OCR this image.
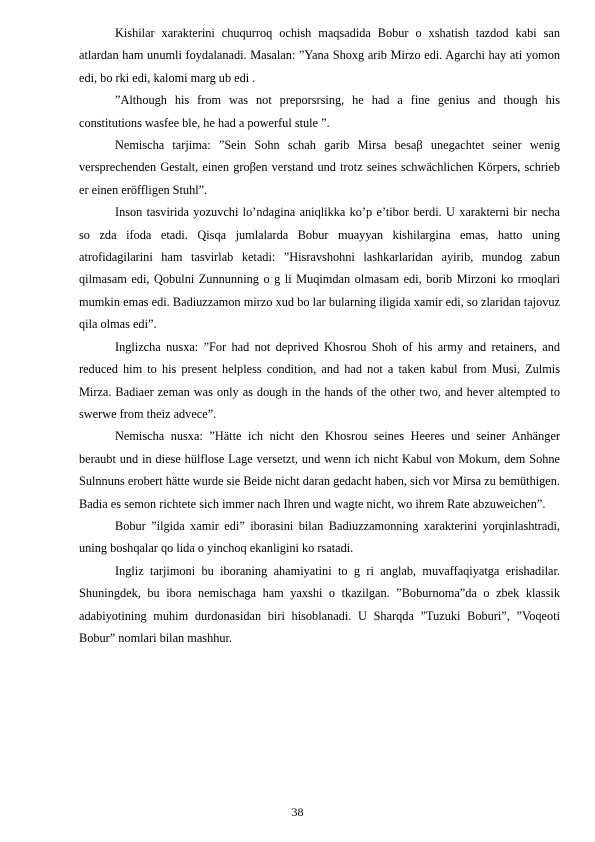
Kishilar xarakterini chuqurroq ochish maqsadida Bobur o xshatish tazdod kabi san atlardan ham unumli foydalanadi. Masalan: ”Yana Shoxg arib Mirzo edi. Agarchi hay ati yomon edi, bo rki edi, kalomi marg ub edi .

”Although his from was not preporsrsing, he had a fine genius and though his constitutions wasfee ble, he had a powerful stule ”.

Nemischa tarjima: ”Sein Sohn schah garib Mirsa besaβ unegachtet seiner wenig versprechenden Gestalt, einen groβen verstand und trotz seines schwächlichen Körpers, schrieb er einen eröffligen Stuhl”.

Inson tasvirida yozuvchi lo’ndagina aniqlikka ko’p e’tibor berdi. U xarakterni bir necha so zda ifoda etadi. Qisqa jumlalarda Bobur muayyan kishilargina emas, hatto uning atrofidagilarini ham tasvirlab ketadi: ”Hisravshohni lashkarlaridan ayirib, mundog zabun qilmasam edi, Qobulni Zunnunning o g li Muqimdan olmasam edi, borib Mirzoni ko rmoqlari mumkin emas edi. Badiuzzamon mirzo xud bo lar bularning iligida xamir edi, so zlaridan tajovuz qila olmas edi”.

Inglizcha nusxa: ”For had not deprived Khosrou Shoh of his army and retainers, and reduced him to his present helpless condition, and had not a taken kabul from Musi, Zulmis Mirza. Badiaer zeman was only as dough in the hands of the other two, and hever altempted to swerwe from theiz advece”.

Nemischa nusxa: ”Hätte ich nicht den Khosrou seines Heeres und seiner Anhänger beraubt und in diese hülflose Lage versetzt, und wenn ich nicht Kabul von Mokum, dem Sohne Sulnnuns erobert hätte wurde sie Beide nicht daran gedacht haben, sich vor Mirsa zu bemüthigen. Badia es semon richtete sich immer nach Ihren und wagte nicht, wo ihrem Rate abzuweichen”.

Bobur ”ilgida xamir edi” iborasini bilan Badiuzzamonning xarakterini yorqinlashtradi, uning boshqalar qo lida o yinchoq ekanligini ko rsatadi.

Ingliz tarjimoni bu iboraning ahamiyatini to g ri anglab, muvaffaqiyatga erishadilar. Shuningdek, bu ibora nemischaga ham yaxshi o tkazilgan. ”Boburnoma”da o zbek klassik adabiyotining muhim durdonasidan biri hisoblanadi. U Sharqda ”Tuzuki Boburi”, ”Voqeoti Bobur” nomlari bilan mashhur.

38
